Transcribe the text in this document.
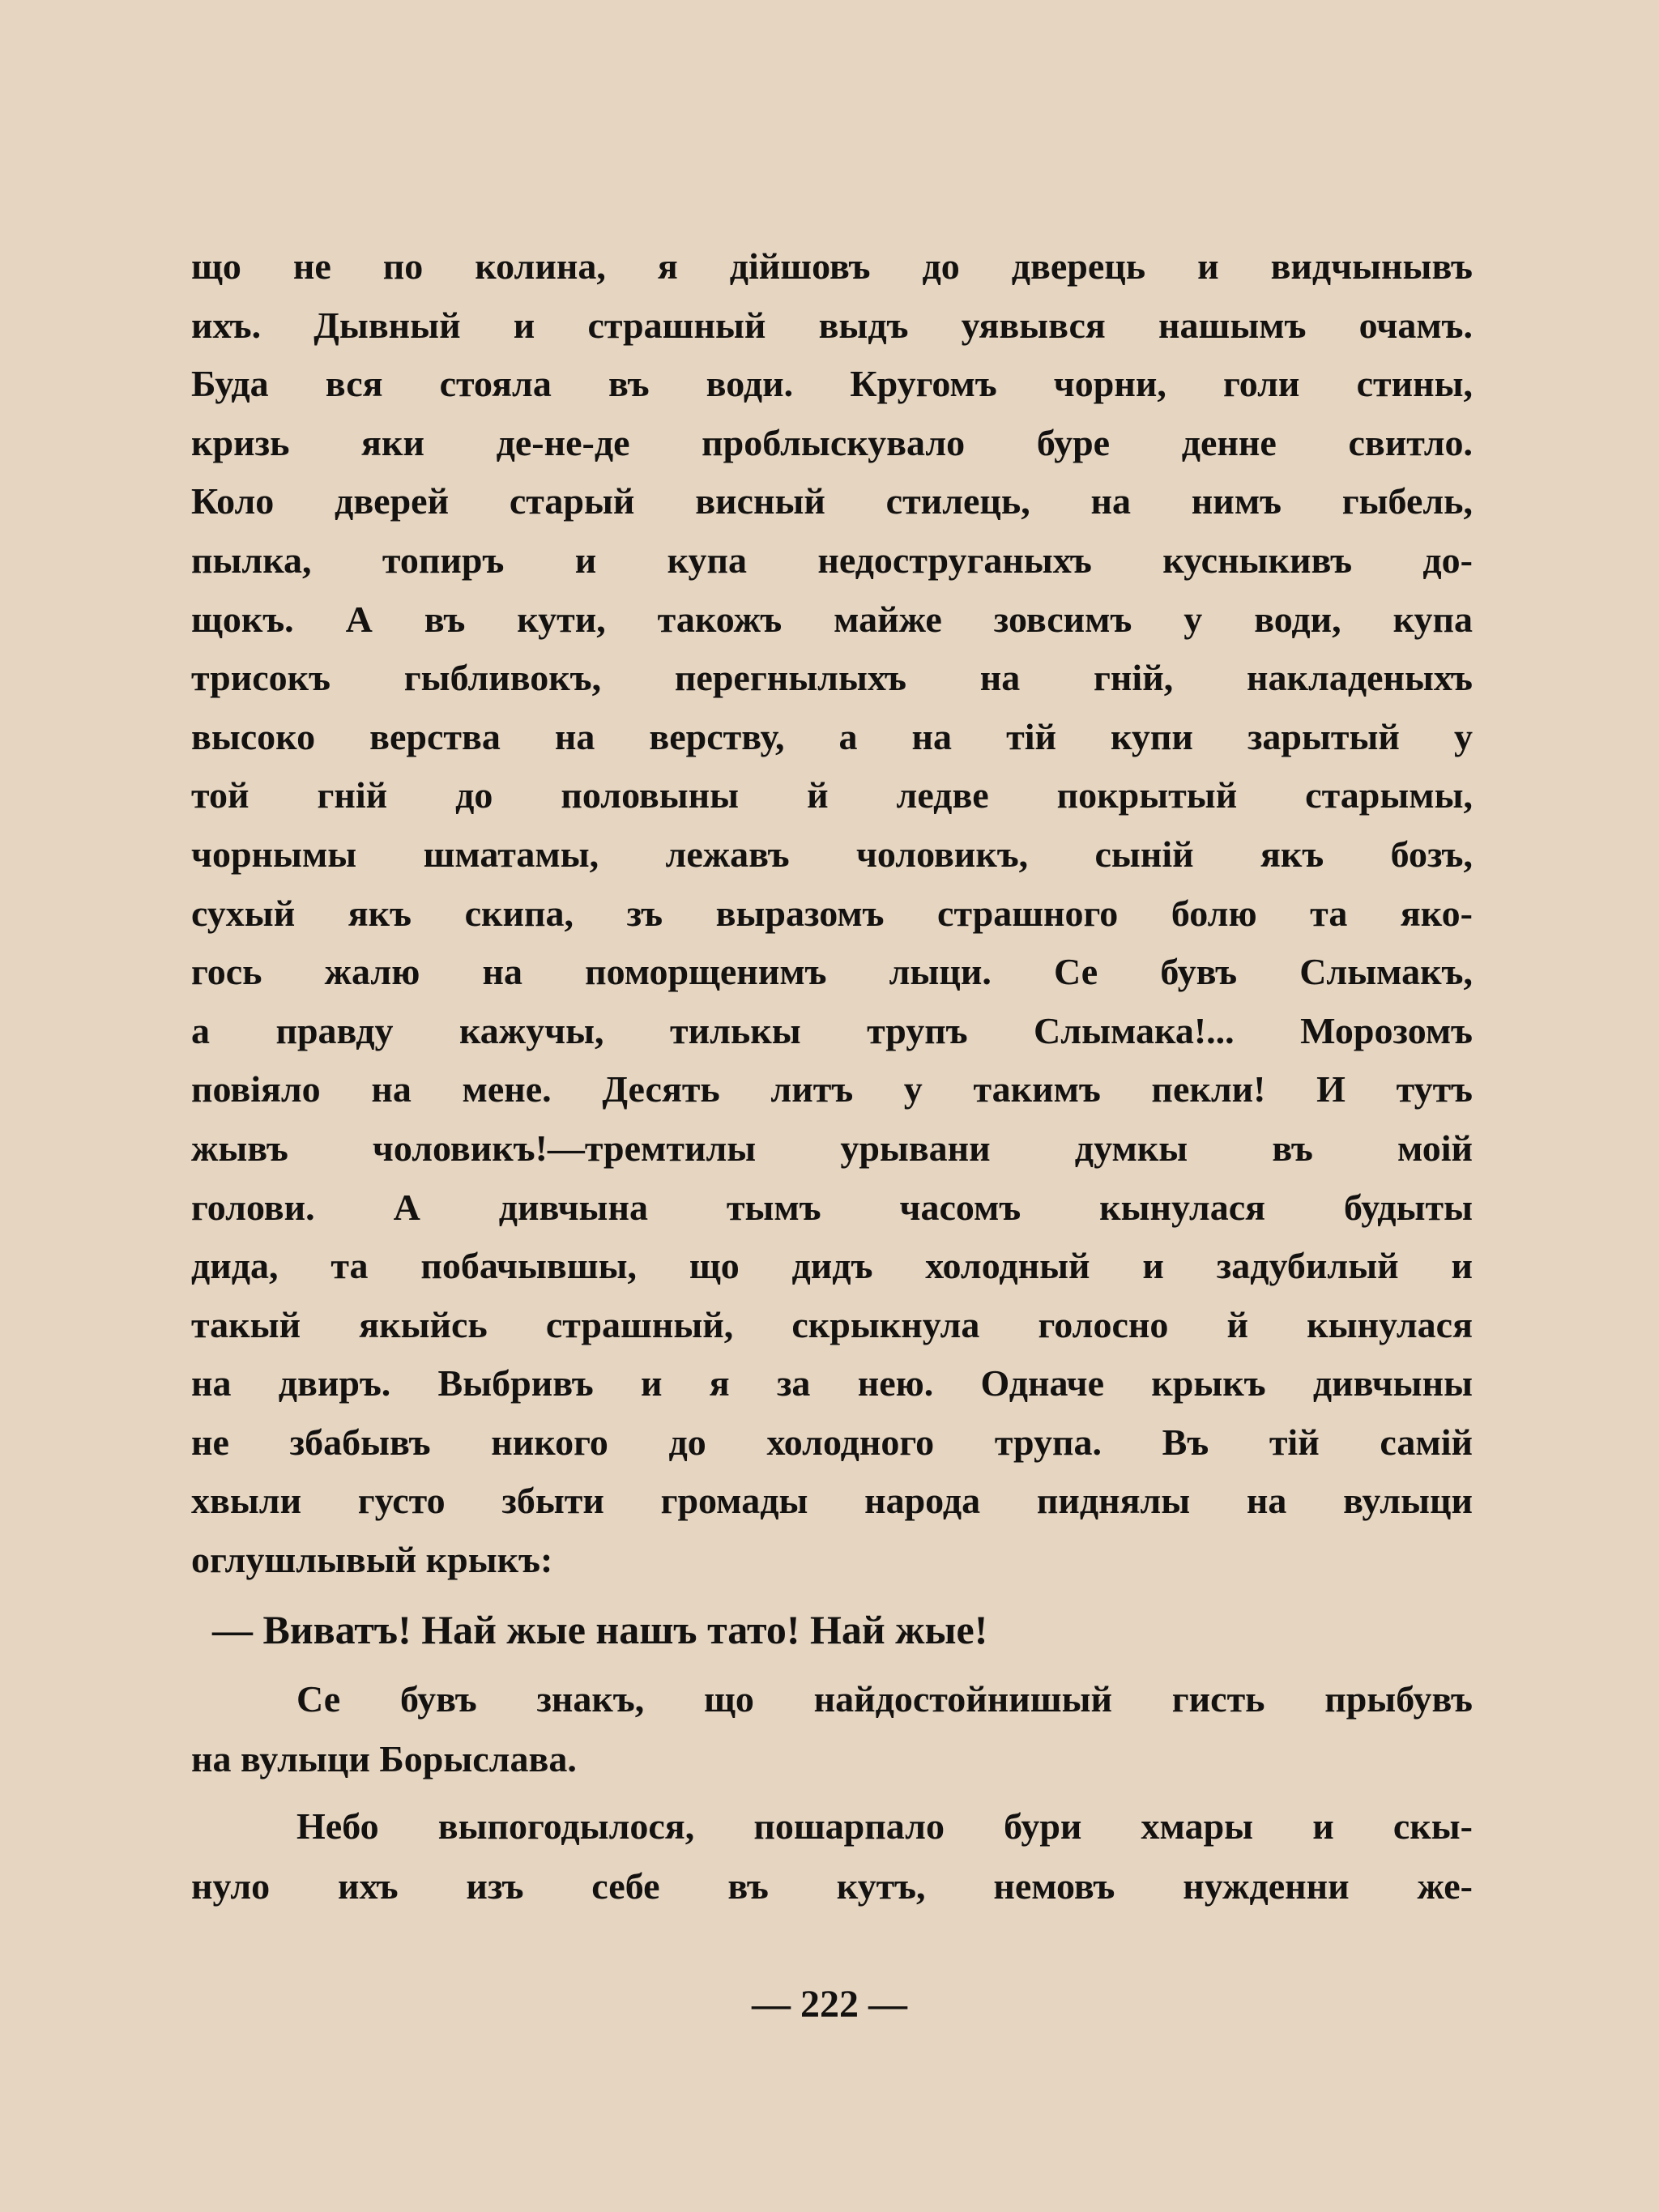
що не по колина, я дійшовъ до дверець и видчынывъ
ихъ. Дывный и страшный выдъ уявывся нашымъ очамъ.
Буда вся стояла въ води. Кругомъ чорни, голи стины,
кризь яки де-не-де проблыскувало буре денне свитло.
Коло дверей старый висный стилець, на нимъ гыбель,
пылка, топиръ и купа недоструганыхъ кусныкивъ до-
щокъ. А въ кути, такожъ майже зовсимъ у води, купа
трисокъ гыбливокъ, перегнылыхъ на гній, накладеныхъ
высоко верства на верству, а на тій купи зарытый у
той гній до половыны й ледве покрытый старымы,
чорнымы шматамы, лежавъ чоловикъ, сыній якъ бозъ,
сухый якъ скипа, зъ выразомъ страшного болю та яко-
гось жалю на поморщенимъ лыци. Се бувъ Слымакъ,
а правду кажучы, тилькы трупъ Слымака!... Морозомъ
повіяло на мене. Десять литъ у такимъ пекли! И тутъ
жывъ чоловикъ!—тремтилы урывани думкы въ моій
голови. А дивчына тымъ часомъ кынулася будыты
дида, та побачывшы, що дидъ холодный и задубилый и
такый якыйсь страшный, скрыкнула голосно й кынулася
на двиръ. Выбривъ и я за нею. Одначе крыкъ дивчыны
не збабывъ никого до холодного трупа. Въ тій самій
хвыли густо збыти громады народа пиднялы на вулыци
оглушлывый крыкъ:
— Виватъ! Най жые нашъ тато! Най жые!
Се бувъ знакъ, що найдостойнишый гисть прыбувъ
на вулыци Борыслава.
Небо выпогодылося, пошарпало бури хмары и скы-
нуло ихъ изъ себе въ кутъ, немовъ нужденни же-
— 222 —
